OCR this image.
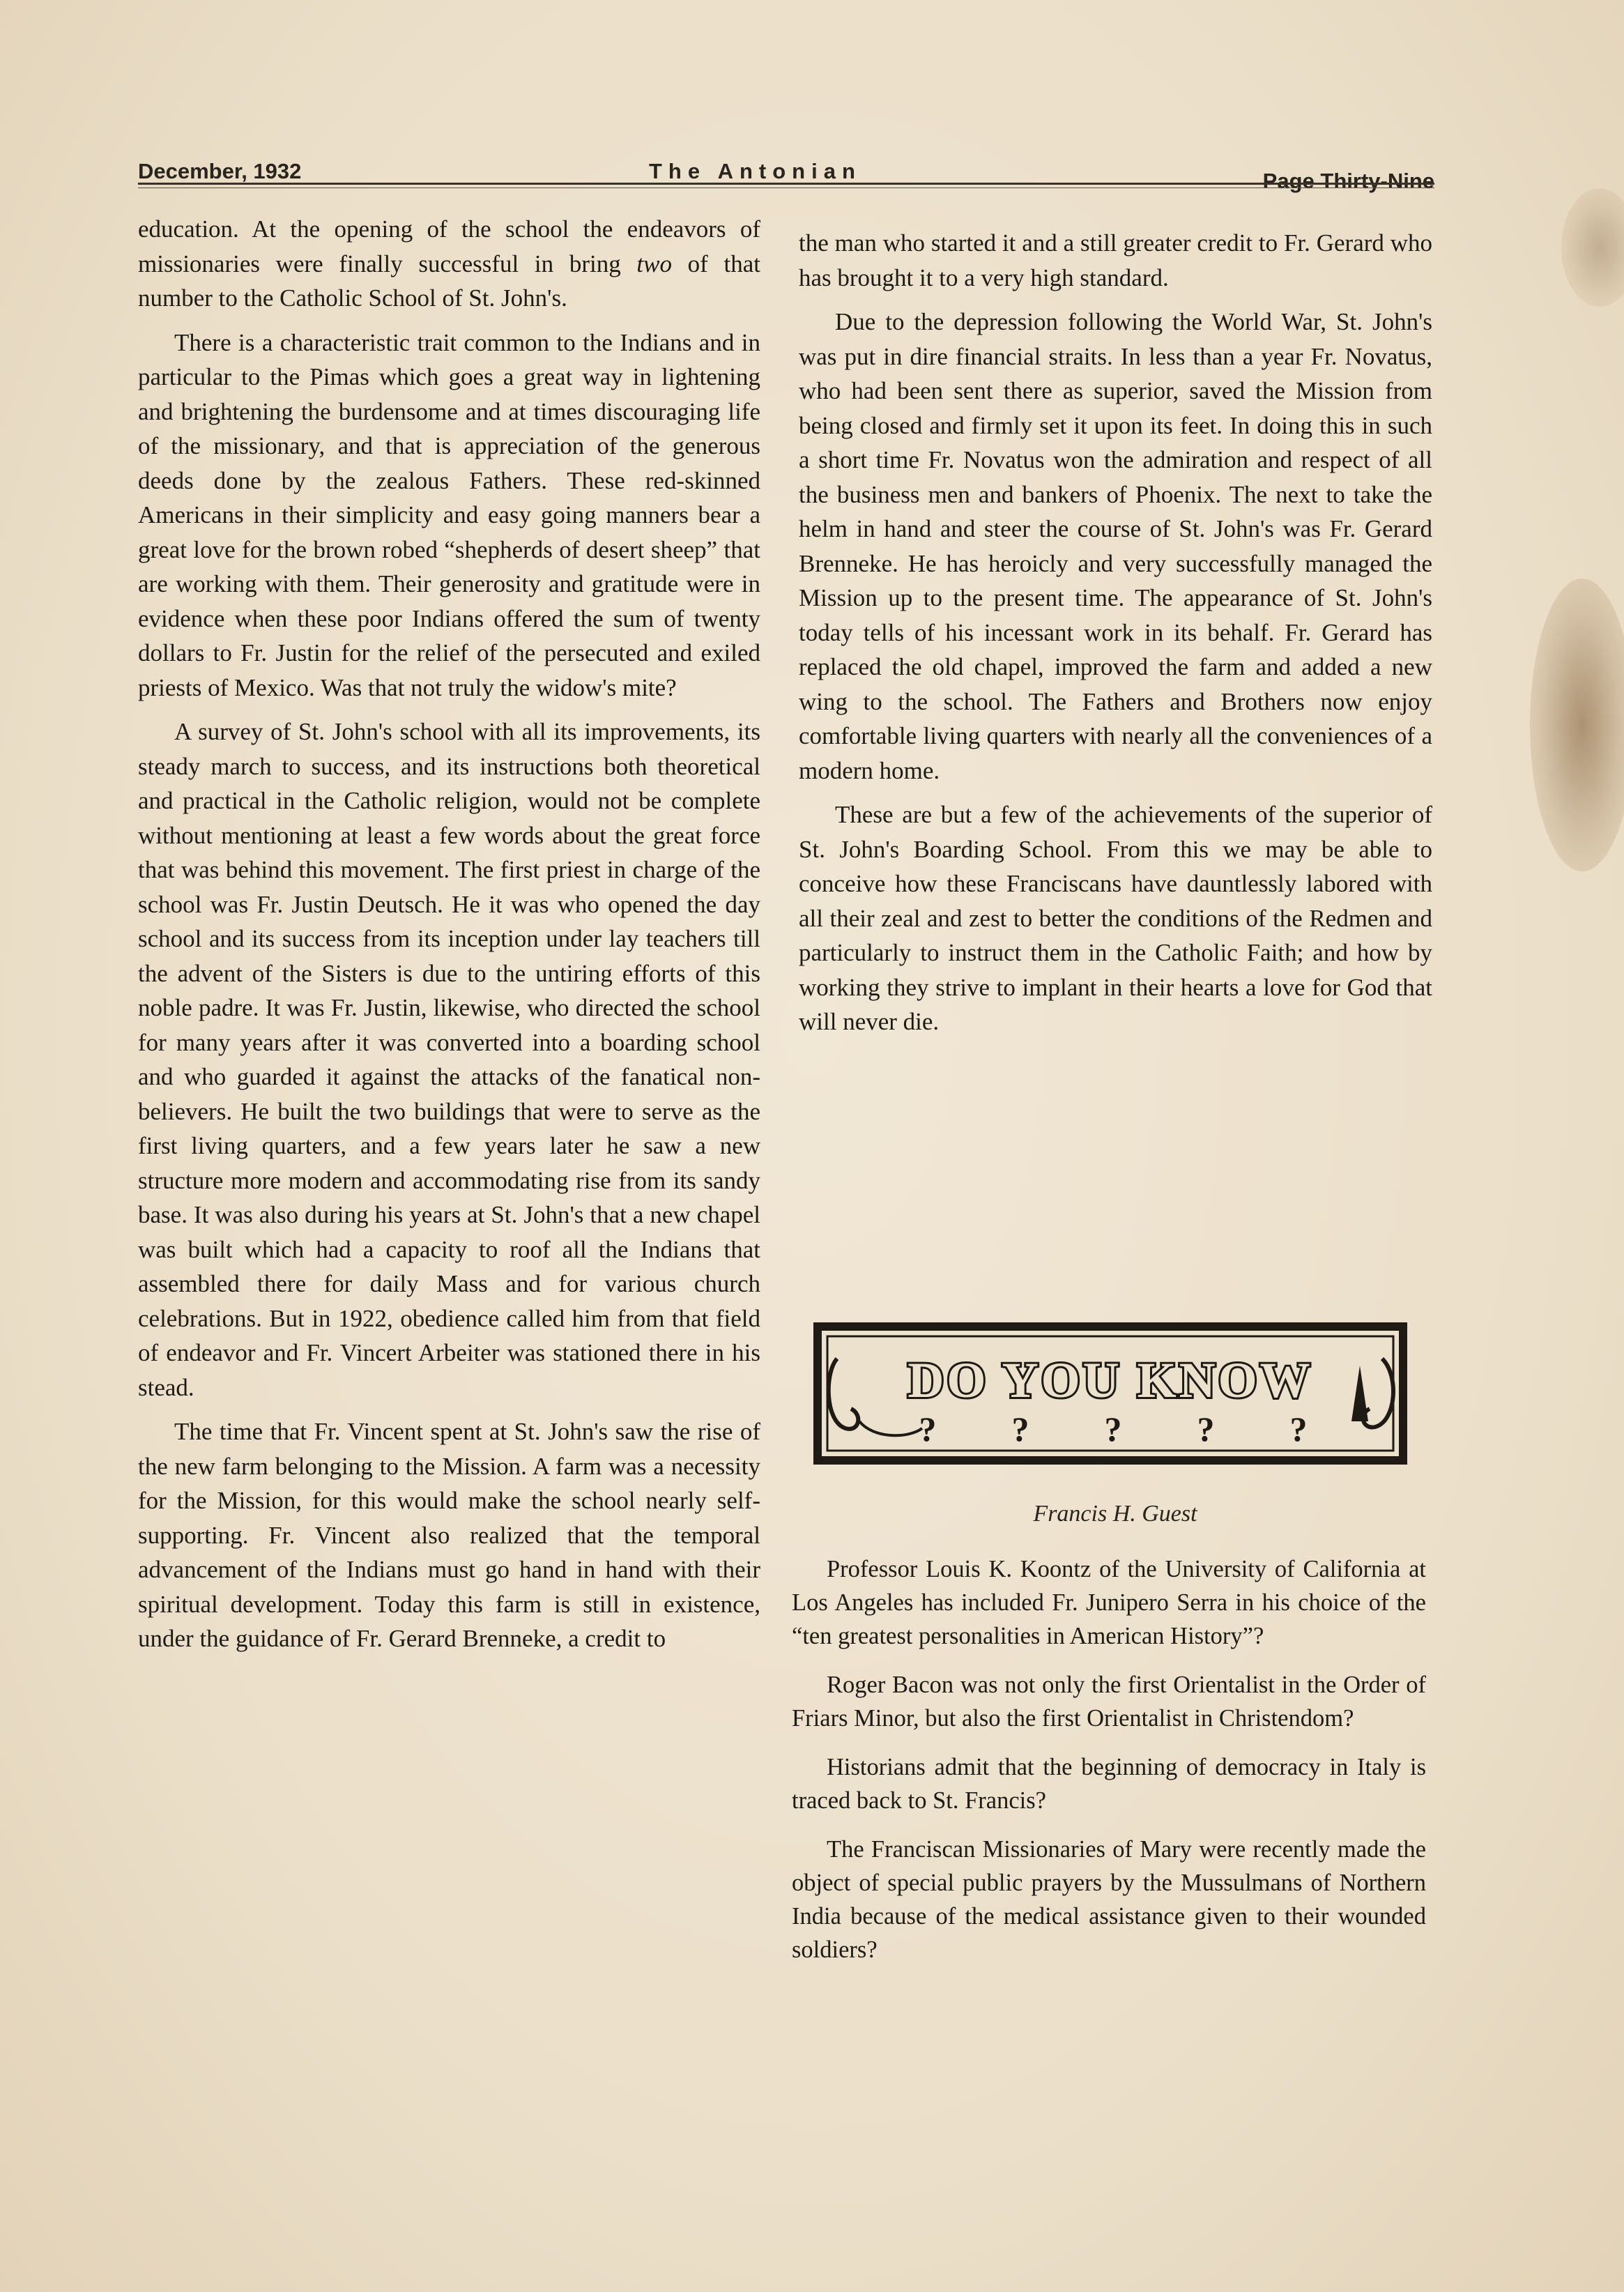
December, 1932	The Antonian	Page Thirty-Nine

education. At the opening of the school the endeavors of missionaries were finally successful in bring two of that number to the Catholic School of St. John's.

There is a characteristic trait common to the Indians and in particular to the Pimas which goes a great way in lightening and brightening the burdensome and at times discouraging life of the missionary, and that is appreciation of the generous deeds done by the zealous Fathers. These red-skinned Americans in their simplicity and easy going manners bear a great love for the brown robed “shepherds of desert sheep” that are working with them. Their generosity and gratitude were in evidence when these poor Indians offered the sum of twenty dollars to Fr. Justin for the relief of the persecuted and exiled priests of Mexico. Was that not truly the widow's mite?

A survey of St. John's school with all its improvements, its steady march to success, and its instructions both theoretical and practical in the Catholic religion, would not be complete without mentioning at least a few words about the great force that was behind this movement. The first priest in charge of the school was Fr. Justin Deutsch. He it was who opened the day school and its success from its inception under lay teachers till the advent of the Sisters is due to the untiring efforts of this noble padre. It was Fr. Justin, likewise, who directed the school for many years after it was converted into a boarding school and who guarded it against the attacks of the fanatical non-believers. He built the two buildings that were to serve as the first living quarters, and a few years later he saw a new structure more modern and accommodating rise from its sandy base. It was also during his years at St. John's that a new chapel was built which had a capacity to roof all the Indians that assembled there for daily Mass and for various church celebrations. But in 1922, obedience called him from that field of endeavor and Fr. Vincert Arbeiter was stationed there in his stead.

The time that Fr. Vincent spent at St. John's saw the rise of the new farm belonging to the Mission. A farm was a necessity for the Mission, for this would make the school nearly self-supporting. Fr. Vincent also realized that the temporal advancement of the Indians must go hand in hand with their spiritual development. Today this farm is still in existence, under the guidance of Fr. Gerard Brenneke, a credit to

the man who started it and a still greater credit to Fr. Gerard who has brought it to a very high standard.

Due to the depression following the World War, St. John's was put in dire financial straits. In less than a year Fr. Novatus, who had been sent there as superior, saved the Mission from being closed and firmly set it upon its feet. In doing this in such a short time Fr. Novatus won the admiration and respect of all the business men and bankers of Phoenix. The next to take the helm in hand and steer the course of St. John's was Fr. Gerard Brenneke. He has heroicly and very successfully managed the Mission up to the present time. The appearance of St. John's today tells of his incessant work in its behalf. Fr. Gerard has replaced the old chapel, improved the farm and added a new wing to the school. The Fathers and Brothers now enjoy comfortable living quarters with nearly all the conveniences of a modern home.

These are but a few of the achievements of the superior of St. John's Boarding School. From this we may be able to conceive how these Franciscans have dauntlessly labored with all their zeal and zest to better the conditions of the Redmen and particularly to instruct them in the Catholic Faith; and how by working they strive to implant in their hearts a love for God that will never die.

DO YOU KNOW
? ? ? ? ?
Francis H. Guest

Professor Louis K. Koontz of the University of California at Los Angeles has included Fr. Junipero Serra in his choice of the “ten greatest personalities in American History”?

Roger Bacon was not only the first Orientalist in the Order of Friars Minor, but also the first Orientalist in Christendom?

Historians admit that the beginning of democracy in Italy is traced back to St. Francis?

The Franciscan Missionaries of Mary were recently made the object of special public prayers by the Mussulmans of Northern India because of the medical assistance given to their wounded soldiers?
